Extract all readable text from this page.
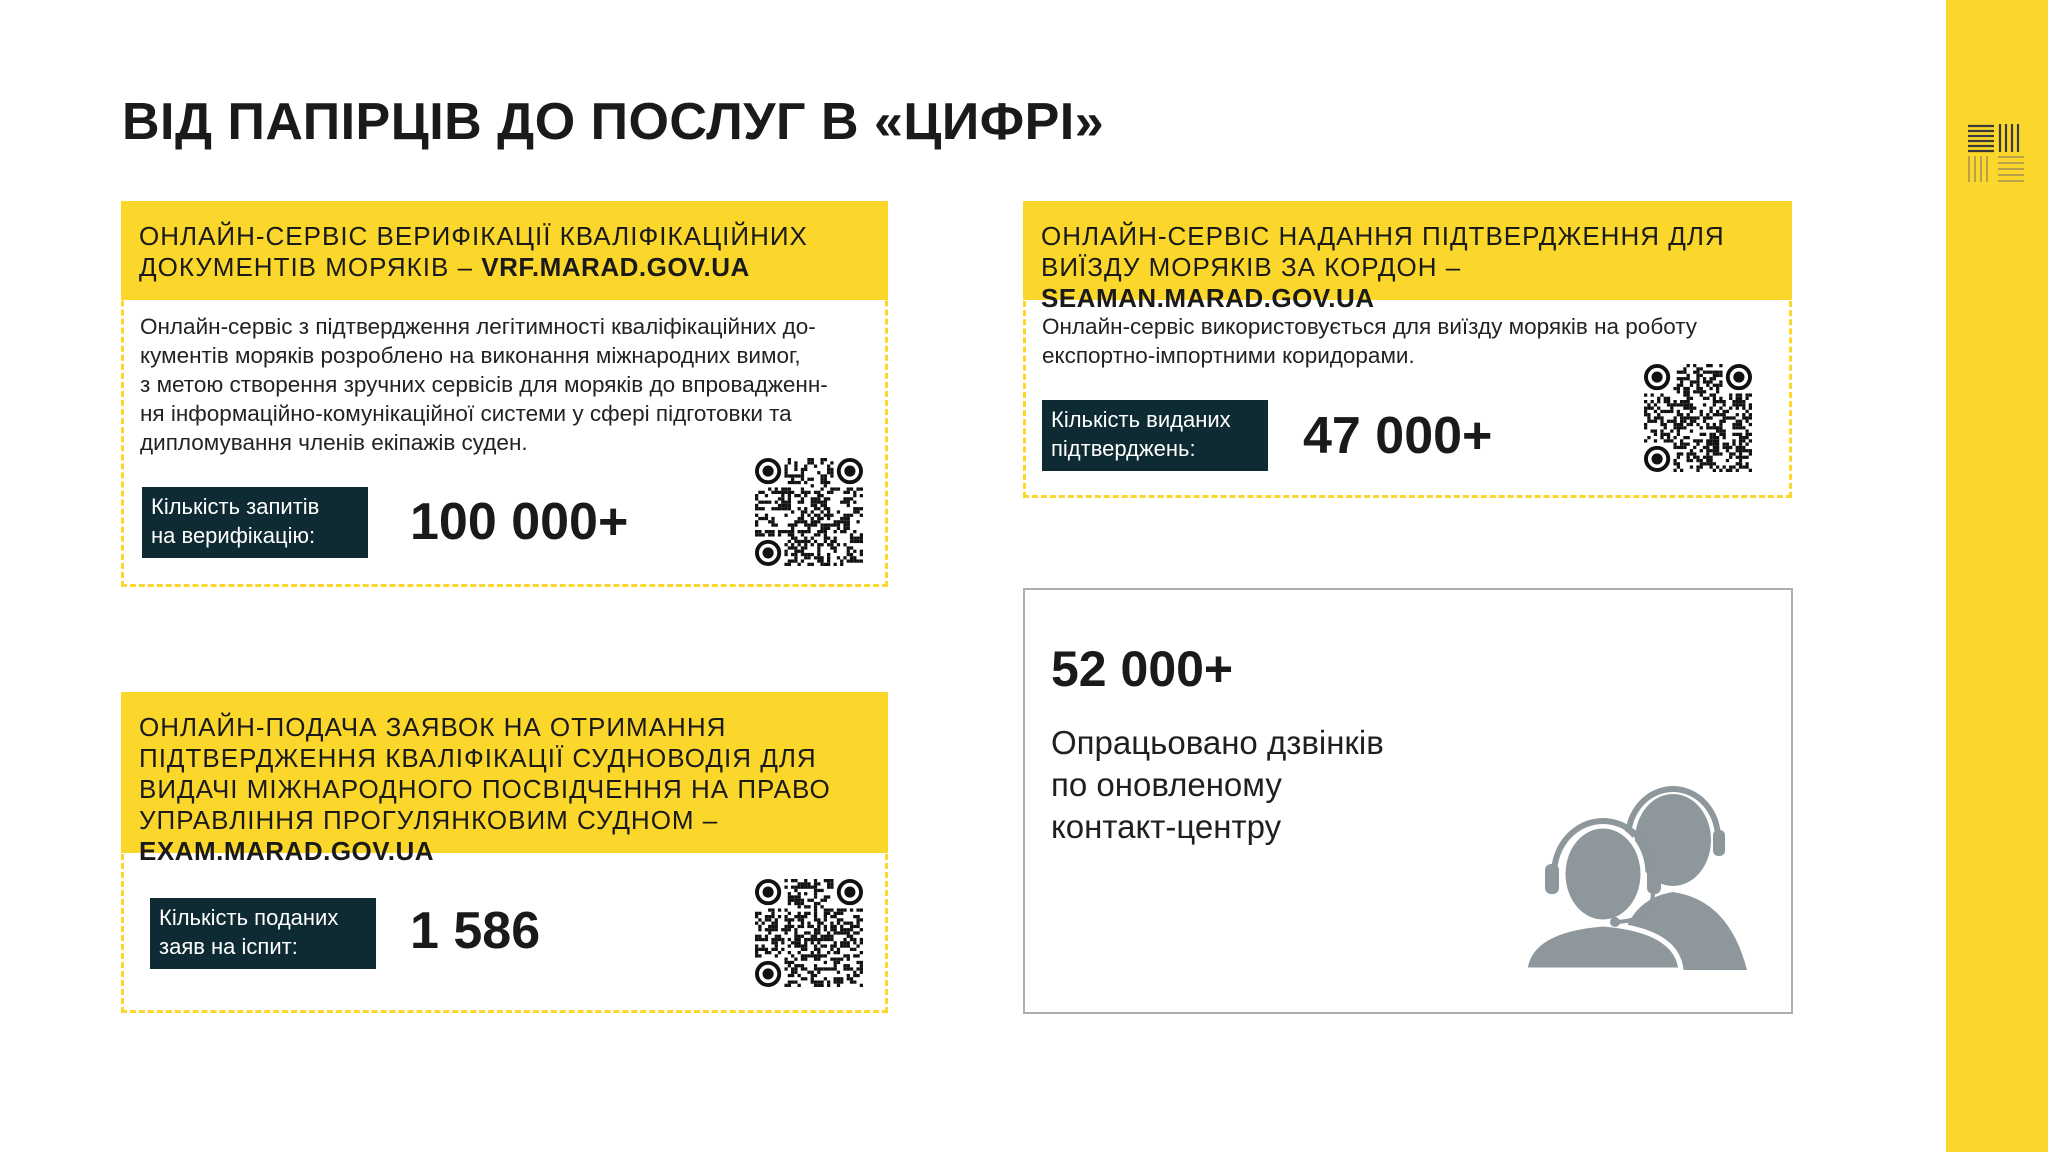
ВІД ПАПІРЦІВ ДО ПОСЛУГ В «ЦИФРІ»
ОНЛАЙН-СЕРВІС ВЕРИФІКАЦІЇ КВАЛІФІКАЦІЙНИХ ДОКУМЕНТІВ МОРЯКІВ – VRF.MARAD.GOV.UA
Онлайн-сервіс з підтвердження легітимності кваліфікаційних до-
кументів моряків розроблено на виконання міжнародних вимог,
з метою створення зручних сервісів для моряків до впровадженн-
ня інформаційно-комунікаційної системи у сфері підготовки та
дипломування членів екіпажів суден.
Кількість запитів
на верифікацію:	100 000+
ОНЛАЙН-СЕРВІС НАДАННЯ ПІДТВЕРДЖЕННЯ ДЛЯ ВИЇЗДУ МОРЯКІВ ЗА КОРДОН – SEAMAN.MARAD.GOV.UA
Онлайн-сервіс використовується для виїзду моряків на роботу
експортно-імпортними коридорами.
Кількість виданих
підтверджень:	47 000+
ОНЛАЙН-ПОДАЧА ЗАЯВОК НА ОТРИМАННЯ ПІДТВЕРДЖЕННЯ КВАЛІФІКАЦІЇ СУДНОВОДІЯ ДЛЯ ВИДАЧІ МІЖНАРОДНОГО ПОСВІДЧЕННЯ НА ПРАВО УПРАВЛІННЯ ПРОГУЛЯНКОВИМ СУДНОМ – EXAM.MARAD.GOV.UA
Кількість поданих
заяв на іспит:	1 586
52 000+
Опрацьовано дзвінків
по оновленому
контакт-центру
